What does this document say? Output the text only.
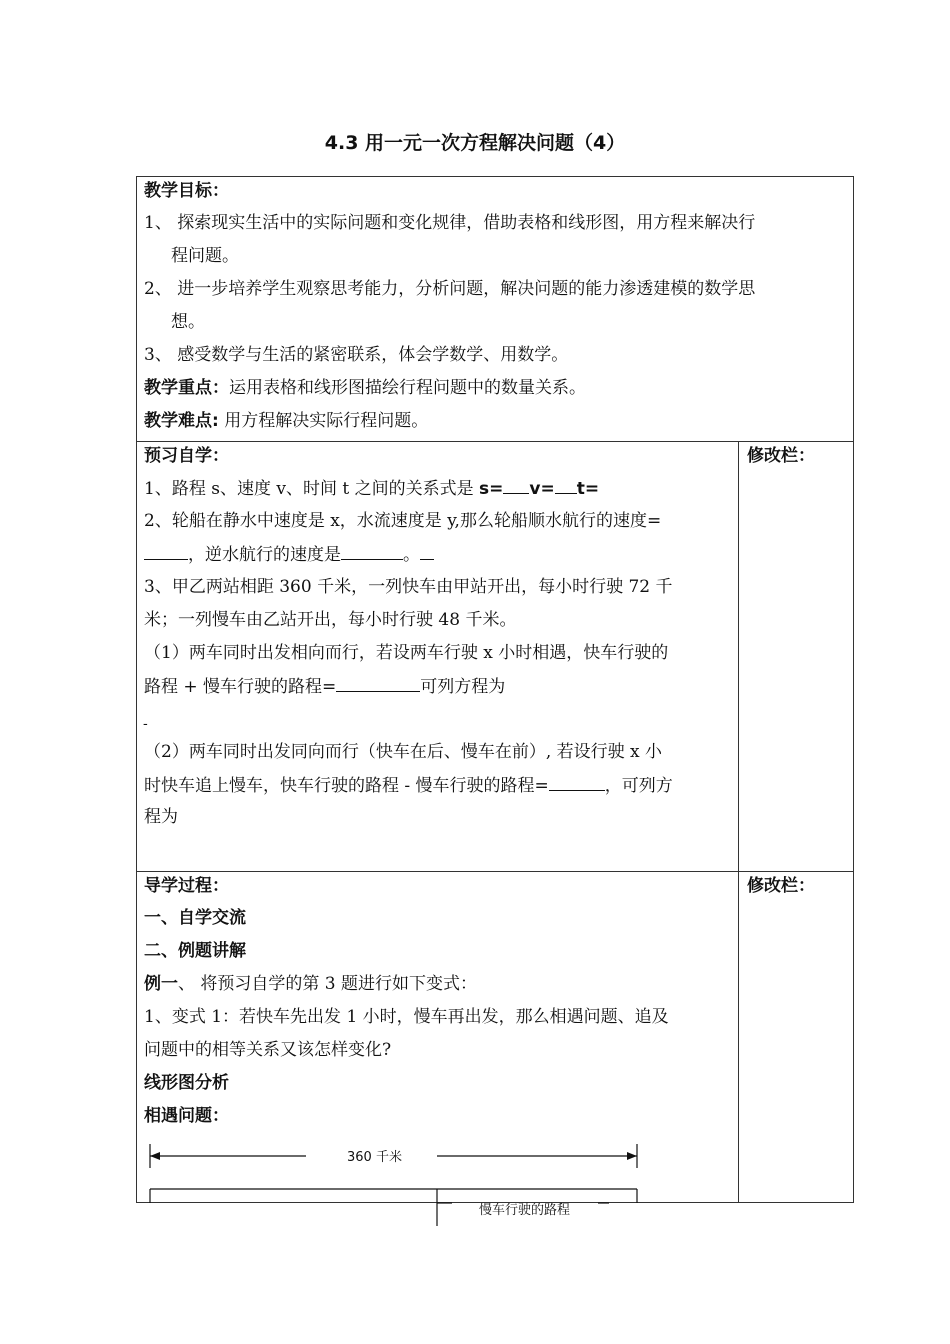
4.3 用一元一次方程解决问题（4）
教学目标：
1、 探索现实生活中的实际问题和变化规律，借助表格和线形图，用方程来解决行
程问题。
2、 进一步培养学生观察思考能力，分析问题，解决问题的能力渗透建模的数学思
想。
3、 感受数学与生活的紧密联系，体会学数学、用数学。
教学重点：运用表格和线形图描绘行程问题中的数量关系。
教学难点: 用方程解决实际行程问题。
预习自学：	修改栏：
1、路程 s、速度 v、时间 t 之间的关系式是 s= v= t=
2、轮船在静水中速度是 x，水流速度是 y,那么轮船顺水航行的速度=
，逆水航行的速度是	。
3、甲乙两站相距 360 千米，一列快车由甲站开出，每小时行驶 72 千
米；一列慢车由乙站开出，每小时行驶 48 千米。
（1）两车同时出发相向而行，若设两车行驶 x 小时相遇，快车行驶的
路程 + 慢车行驶的路程=	可列方程为
-
（2）两车同时出发同向而行（快车在后、慢车在前）, 若设行驶 x 小
时快车追上慢车，快车行驶的路程 - 慢车行驶的路程=	，可列方
程为
导学过程：	修改栏：
一、自学交流
二、例题讲解
例一、 将预习自学的第 3 题进行如下变式：
1、变式 1：若快车先出发 1 小时，慢车再出发，那么相遇问题、追及
问题中的相等关系又该怎样变化?
线形图分析
相遇问题：
360 千米
慢车行驶的路程
